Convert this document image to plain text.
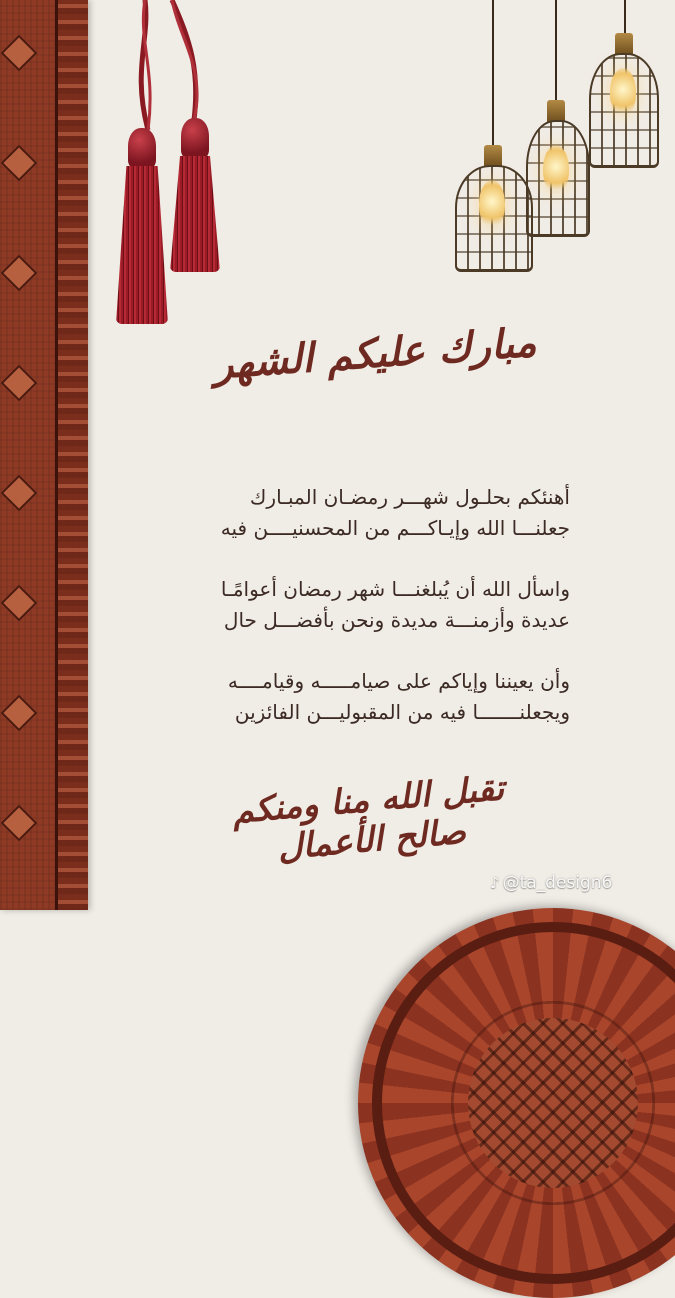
مبارك عليكم الشهر
أهنئكم بحلـول شهـــر رمضـان المبـارك
جعلنـــا الله وإيـاكـــم من المحسنيــــن فيه
واسأل الله أن يُبلغنـــا شهر رمضان أعوامًـا
عديدة وأزمنـــة مديدة ونحن بأفضـــل حال
وأن يعيننا وإياكم على صيامـــــه وقيامــــه
ويجعلنـــــــا فيه من المقبوليـــن الفائزين
تقبل الله منا ومنكم صالح الأعمال
♪ @ta_design6
